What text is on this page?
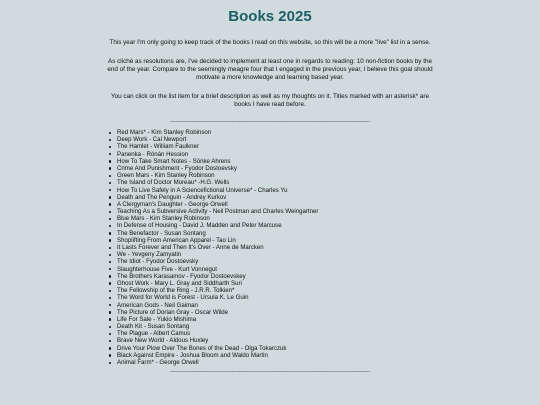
Books 2025

This year I'm only going to keep track of the books I read on this website, so this will be a more "live" list in a sense.

As cliché as resolutions are, I've decided to implement at least one in regards to reading: 10 non-fiction books by the end of the year. Compare to the seemingly meagre four that I engaged in the previous year, I believe this goal should motivate a more knowledge and learning based year.

You can click on the list item for a brief description as well as my thoughts on it. Titles marked with an asterisk* are books I have read before.

------------------------------------------------------------------------------------------------------------------------
Red Mars* - Kim Stanley Robinson
Deep Work - Cal Newport
The Hamlet - William Faulkner
Panenka - Rónán Hession
How To Take Smart Notes - Sönke Ahrens
Crime And Punishment - Fyodor Dostoevsky
Green Mars - Kim Stanley Robinson
The Island of Doctor Moreau* -H.G. Wells
How To Live Safely in A Sciencefictional Universe* - Charles Yu
Death and The Penguin - Andrey Kurkov
A Clergyman's Daughter - George Orwell
Teaching As a Subversive Activity - Neil Postman and Charles Weingartner
Blue Mars - Kim Stanley Robinson
In Defense of Housing - David J. Madden and Peter Marcuse
The Benefactor - Susan Sontang
Shoplifting From American Apparel - Tao Lin
It Lasts Forever and Then It's Over - Anne de Marcken
We - Yevgeny Zamyatin
The Idiot - Fyodor Dostoevsky
Slaughterhouse Five - Kurt Vonnegut
The Brothers Karasamov - Fyodor Dostoevskey
Ghost Work - Mary L. Gray and Siddharth Suri
The Fellowship of the Ring - J.R.R. Tolkien*
The Word for World is Forest - Ursula K. Le Guin
American Gods - Neil Gaiman
The Picture of Dorian Gray - Oscar Wilde
Life For Sale - Yukio Mishima
Death Kit - Susan Sontang
The Plague - Albert Camus
Brave New World - Aldous Huxley
Drive Your Plow Over The Bones of the Dead - Olga Tokarczuk
Black Against Empire - Joshua Bloom and Waldo Martin
Animal Farm* - George Orwell
------------------------------------------------------------------------------------------------------------------------
